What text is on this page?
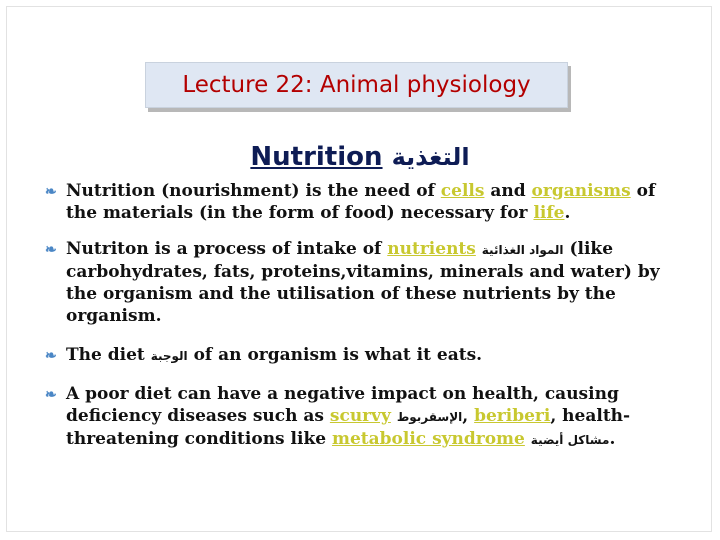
Lecture 22: Animal physiology
Nutrition التغذية
❧ Nutrition (nourishment) is the need of cells and organisms of the materials (in the form of food) necessary for life.
❧ Nutriton is a process of intake of nutrients المواد الغذائية (like carbohydrates, fats, proteins,vitamins, minerals and water) by the organism and the utilisation of these nutrients by the organism.
❧ The diet الوجبة of an organism is what it eats.
❧ A poor diet can have a negative impact on health, causing deficiency diseases such as scurvy الإسقربوط, beriberi, health-threatening conditions like metabolic syndrome مشاكل أيضية.
